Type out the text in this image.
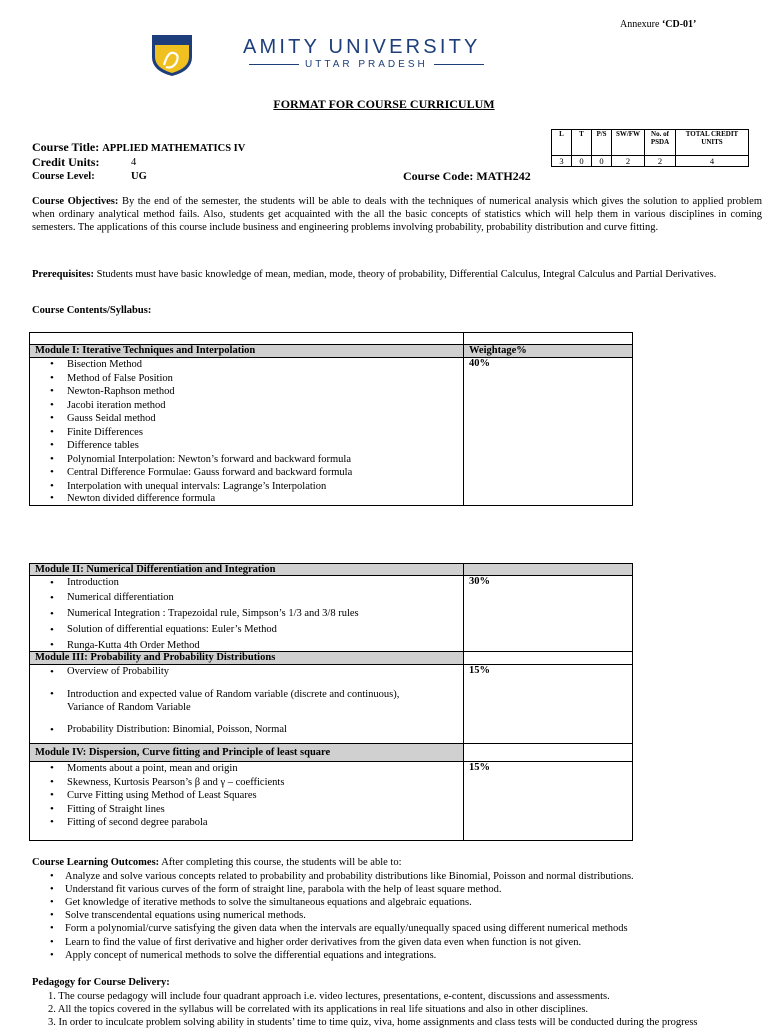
Annexure ‘CD-01’
AMITY UNIVERSITY
UTTAR PRADESH
FORMAT FOR COURSE CURRICULUM
Course Title: APPLIED MATHEMATICS IV
Credit Units:	4
Course Level:	UG	Course Code: MATH242
L	T	P/S	SW/FW	No. of PSDA	TOTAL CREDIT UNITS
3	0	0	2	2	4
Course Objectives: By the end of the semester, the students will be able to deals with the techniques of numerical analysis which gives the solution to applied problem when ordinary analytical method fails. Also, students get acquainted with the all the basic concepts of statistics which will help them in various disciplines in coming semesters. The applications of this course include business and engineering problems involving probability, probability distribution and curve fitting.
Prerequisites: Students must have basic knowledge of mean, median, mode, theory of probability, Differential Calculus, Integral Calculus and Partial Derivatives.
Course Contents/Syllabus:
Module I: Iterative Techniques and Interpolation	Weightage%
• Bisection Method
• Method of False Position
• Newton-Raphson method
• Jacobi iteration method
• Gauss Seidal method
• Finite Differences
• Difference tables
• Polynomial Interpolation: Newton’s forward and backward formula
• Central Difference Formulae: Gauss forward and backward formula
• Interpolation with unequal intervals: Lagrange’s Interpolation
• Newton divided difference formula
40%
Module II: Numerical Differentiation and Integration
• Introduction
• Numerical differentiation
• Numerical Integration : Trapezoidal rule, Simpson’s 1/3 and 3/8 rules
• Solution of differential equations: Euler’s Method
• Runga-Kutta 4th Order Method
30%
Module III: Probability and Probability Distributions
• Overview of Probability
• Introduction and expected value of Random variable (discrete and continuous), Variance of Random Variable
• Probability Distribution: Binomial, Poisson, Normal
15%
Module IV: Dispersion, Curve fitting and Principle of least square
• Moments about a point, mean and origin
• Skewness, Kurtosis Pearson’s β and γ – coefficients
• Curve Fitting using Method of Least Squares
• Fitting of Straight lines
• Fitting of second degree parabola
15%
Course Learning Outcomes: After completing this course, the students will be able to:
• Analyze and solve various concepts related to probability and probability distributions like Binomial, Poisson and normal distributions.
• Understand fit various curves of the form of straight line, parabola with the help of least square method.
• Get knowledge of iterative methods to solve the simultaneous equations and algebraic equations.
• Solve transcendental equations using numerical methods.
• Form a polynomial/curve satisfying the given data when the intervals are equally/unequally spaced using different numerical methods
• Learn to find the value of first derivative and higher order derivatives from the given data even when function is not given.
• Apply concept of numerical methods to solve the differential equations and integrations.
Pedagogy for Course Delivery:
1. The course pedagogy will include four quadrant approach i.e. video lectures, presentations, e-content, discussions and assessments.
2. All the topics covered in the syllabus will be correlated with its applications in real life situations and also in other disciplines.
3. In order to inculcate problem solving ability in students’ time to time quiz, viva, home assignments and class tests will be conducted during the progress
